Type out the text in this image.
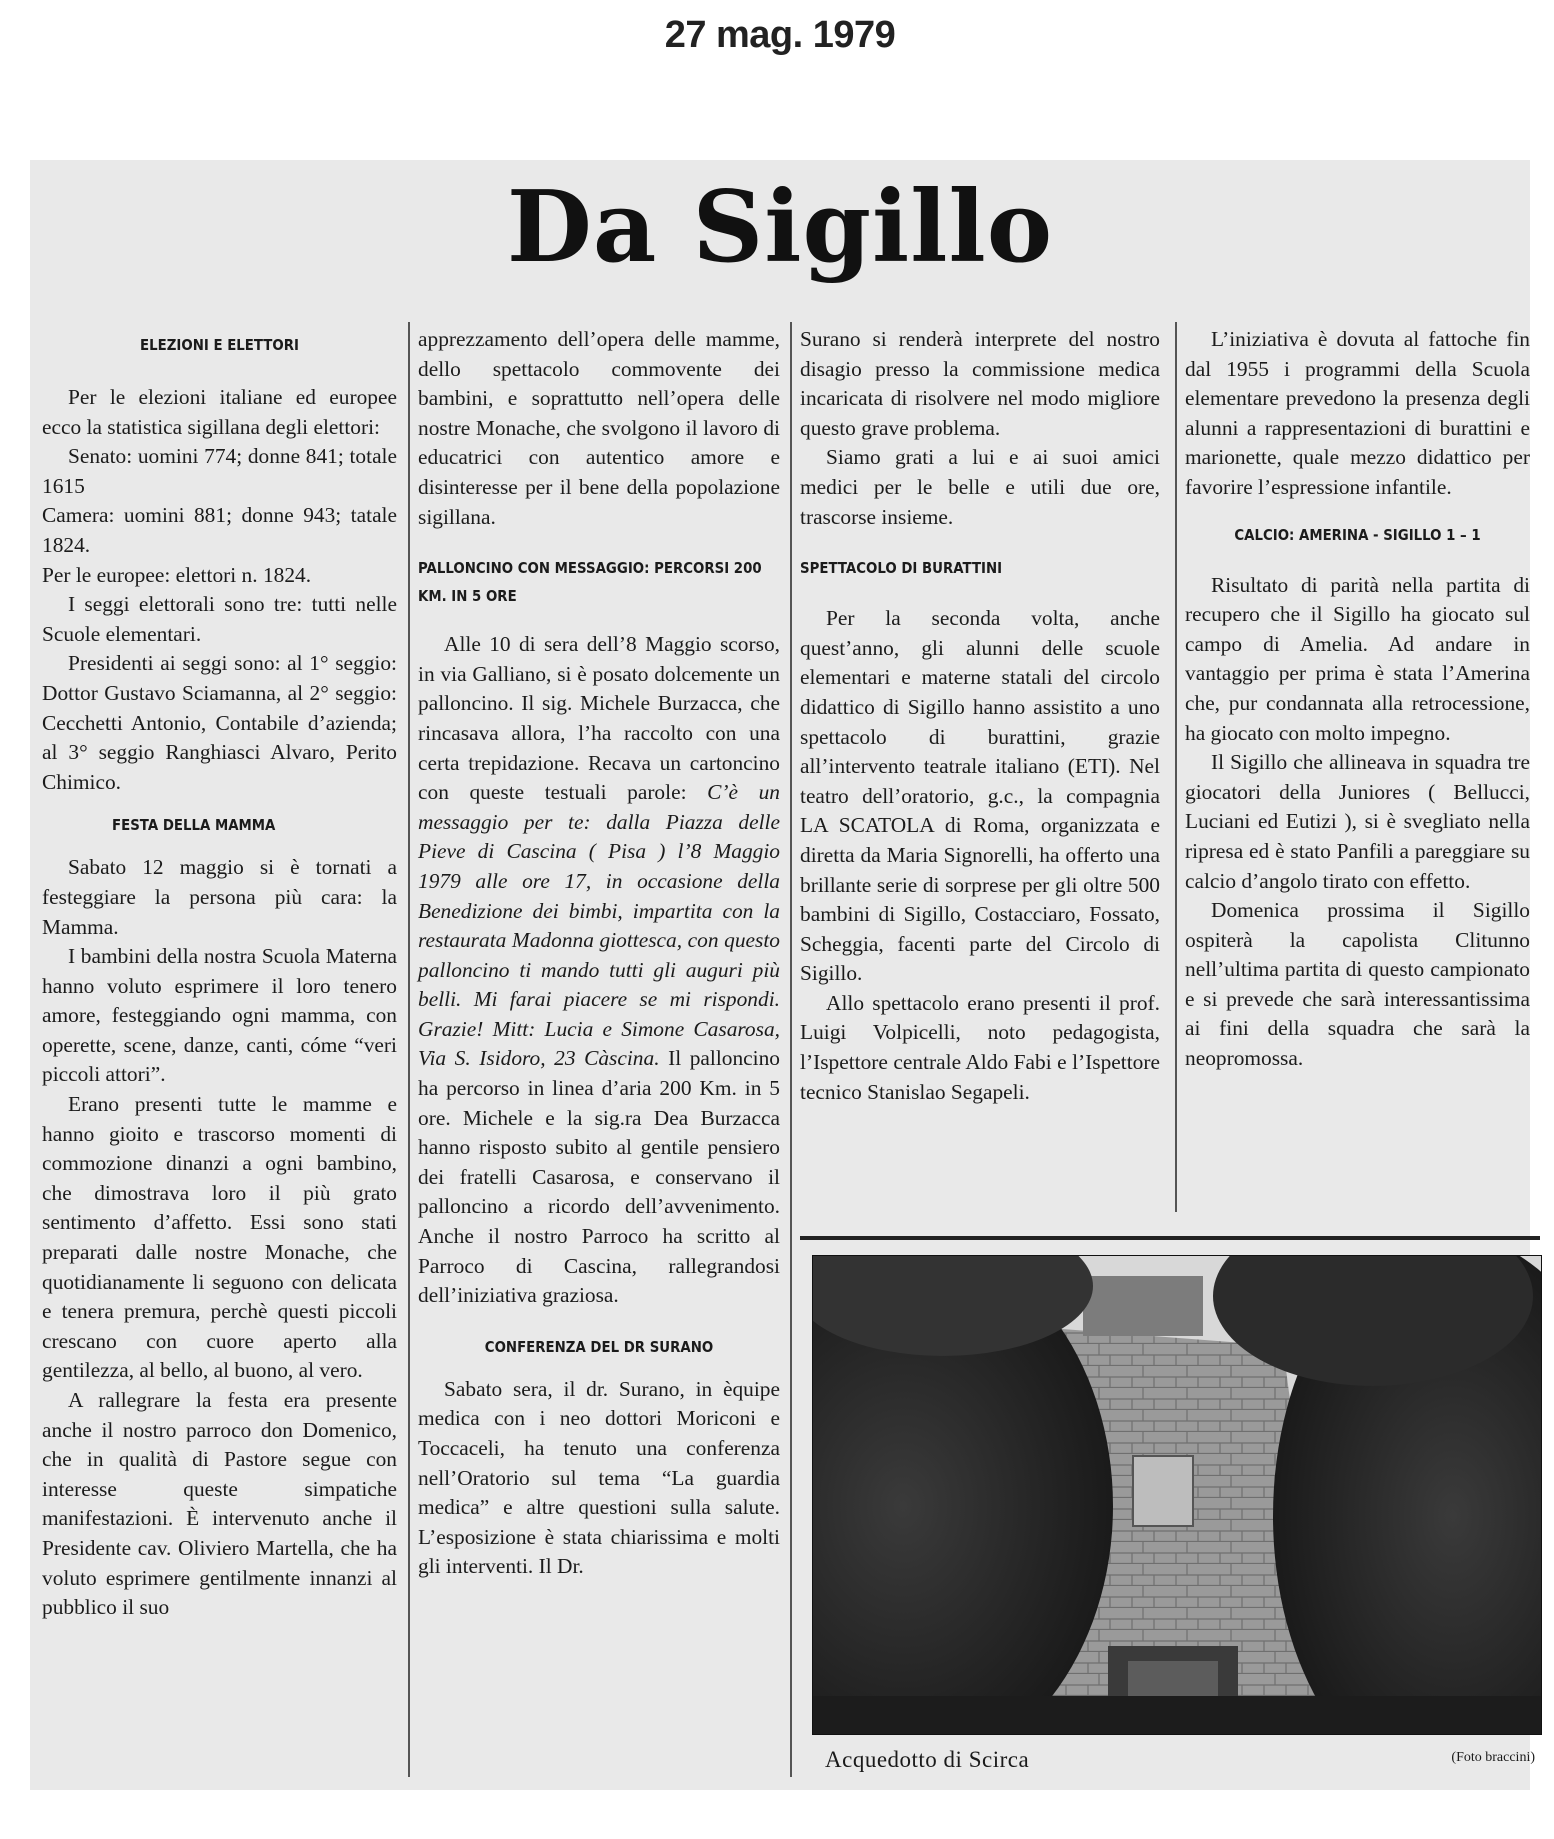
27 mag. 1979
Da Sigillo
ELEZIONI E ELETTORI

Per le elezioni italiane ed europee ecco la statistica sigillana degli elettori:

Senato: uomini 774; donne 841; totale 1615

Camera: uomini 881; donne 943; tatale 1824.

Per le europee: elettori n. 1824.

I seggi elettorali sono tre: tutti nelle Scuole elementari.

Presidenti ai seggi sono: al 1° seggio: Dottor Gustavo Sciamanna, al 2° seggio: Cecchetti Antonio, Contabile d’azienda; al 3° seggio Ranghiasci Alvaro, Perito Chimico.

FESTA DELLA MAMMA

Sabato 12 maggio si è tornati a festeggiare la persona più cara: la Mamma.

I bambini della nostra Scuola Materna hanno voluto esprimere il loro tenero amore, festeggiando ogni mamma, con operette, scene, danze, canti, cóme “veri piccoli attori”.

Erano presenti tutte le mamme e hanno gioito e trascorso momenti di commozione dinanzi a ogni bambino, che dimostrava loro il più grato sentimento d’affetto. Essi sono stati preparati dalle nostre Monache, che quotidianamente li seguono con delicata e tenera premura, perchè questi piccoli crescano con cuore aperto alla gentilezza, al bello, al buono, al vero.

A rallegrare la festa era presente anche il nostro parroco don Domenico, che in qualità di Pastore segue con interesse queste simpatiche manifestazioni. È intervenuto anche il Presidente cav. Oliviero Martella, che ha voluto esprimere gentilmente innanzi al pubblico il suo

apprezzamento dell’opera delle mamme, dello spettacolo commovente dei bambini, e soprattutto nell’opera delle nostre Monache, che svolgono il lavoro di educatrici con autentico amore e disinteresse per il bene della popolazione sigillana.

PALLONCINO CON MESSAGGIO: PERCORSI 200 KM. IN 5 ORE

Alle 10 di sera dell’8 Maggio scorso, in via Galliano, si è posato dolcemente un palloncino. Il sig. Michele Burzacca, che rincasava allora, l’ha raccolto con una certa trepidazione. Recava un cartoncino con queste testuali parole: C’è un messaggio per te: dalla Piazza delle Pieve di Cascina ( Pisa ) l’8 Maggio 1979 alle ore 17, in occasione della Benedizione dei bimbi, impartita con la restaurata Madonna giottesca, con questo palloncino ti mando tutti gli auguri più belli. Mi farai piacere se mi rispondi. Grazie! Mitt: Lucia e Simone Casarosa, Via S. Isidoro, 23 Càscina. Il palloncino ha percorso in linea d’aria 200 Km. in 5 ore. Michele e la sig.ra Dea Burzacca hanno risposto subito al gentile pensiero dei fratelli Casarosa, e conservano il palloncino a ricordo dell’avvenimento. Anche il nostro Parroco ha scritto al Parroco di Cascina, rallegrandosi dell’iniziativa graziosa.

CONFERENZA DEL DR SURANO

Sabato sera, il dr. Surano, in èquipe medica con i neo dottori Moriconi e Toccaceli, ha tenuto una conferenza nell’Oratorio sul tema “La guardia medica” e altre questioni sulla salute. L’esposizione è stata chiarissima e molti gli interventi. Il Dr.

Surano si renderà interprete del nostro disagio presso la commissione medica incaricata di risolvere nel modo migliore questo grave problema.

Siamo grati a lui e ai suoi amici medici per le belle e utili due ore, trascorse insieme.

SPETTACOLO DI BURATTINI

Per la seconda volta, anche quest’anno, gli alunni delle scuole elementari e materne statali del circolo didattico di Sigillo hanno assistito a uno spettacolo di burattini, grazie all’intervento teatrale italiano (ETI). Nel teatro dell’oratorio, g.c., la compagnia LA SCATOLA di Roma, organizzata e diretta da Maria Signorelli, ha offerto una brillante serie di sorprese per gli oltre 500 bambini di Sigillo, Costacciaro, Fossato, Scheggia, facenti parte del Circolo di Sigillo.

Allo spettacolo erano presenti il prof. Luigi Volpicelli, noto pedagogista, l’Ispettore centrale Aldo Fabi e l’Ispettore tecnico Stanislao Segapeli.

L’iniziativa è dovuta al fattoche fin dal 1955 i programmi della Scuola elementare prevedono la presenza degli alunni a rappresentazioni di burattini e marionette, quale mezzo didattico per favorire l’espressione infantile.

CALCIO: AMERINA - SIGILLO 1 – 1

Risultato di parità nella partita di recupero che il Sigillo ha giocato sul campo di Amelia. Ad andare in vantaggio per prima è stata l’Amerina che, pur condannata alla retrocessione, ha giocato con molto impegno.

Il Sigillo che allineava in squadra tre giocatori della Juniores ( Bellucci, Luciani ed Eutizi ), si è svegliato nella ripresa ed è stato Panfili a pareggiare su calcio d’angolo tirato con effetto.

Domenica prossima il Sigillo ospiterà la capolista Clitunno nell’ultima partita di questo campionato e si prevede che sarà interessantissima ai fini della squadra che sarà la neopromossa.

Acquedotto di Scirca	(Foto braccini)
